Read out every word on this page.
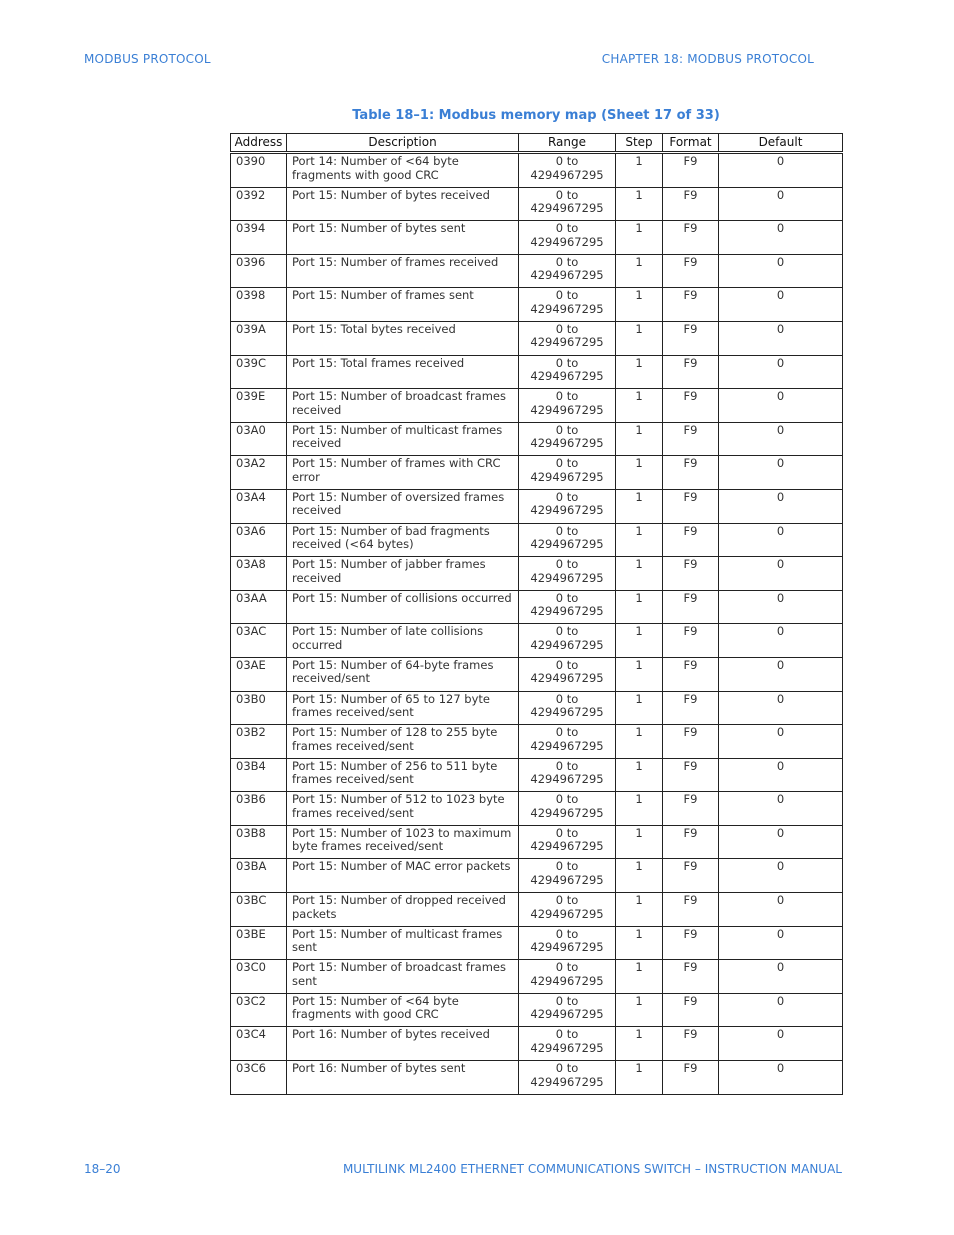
MODBUS PROTOCOL	CHAPTER 18: MODBUS PROTOCOL
Table 18–1: Modbus memory map (Sheet 17 of 33)
Address	Description	Range	Step	Format	Default
0390	Port 14: Number of <64 byte fragments with good CRC	0 to 4294967295	1	F9	0
0392	Port 15: Number of bytes received	0 to 4294967295	1	F9	0
0394	Port 15: Number of bytes sent	0 to 4294967295	1	F9	0
0396	Port 15: Number of frames received	0 to 4294967295	1	F9	0
0398	Port 15: Number of frames sent	0 to 4294967295	1	F9	0
039A	Port 15: Total bytes received	0 to 4294967295	1	F9	0
039C	Port 15: Total frames received	0 to 4294967295	1	F9	0
039E	Port 15: Number of broadcast frames received	0 to 4294967295	1	F9	0
03A0	Port 15: Number of multicast frames received	0 to 4294967295	1	F9	0
03A2	Port 15: Number of frames with CRC error	0 to 4294967295	1	F9	0
03A4	Port 15: Number of oversized frames received	0 to 4294967295	1	F9	0
03A6	Port 15: Number of bad fragments received (<64 bytes)	0 to 4294967295	1	F9	0
03A8	Port 15: Number of jabber frames received	0 to 4294967295	1	F9	0
03AA	Port 15: Number of collisions occurred	0 to 4294967295	1	F9	0
03AC	Port 15: Number of late collisions occurred	0 to 4294967295	1	F9	0
03AE	Port 15: Number of 64-byte frames received/sent	0 to 4294967295	1	F9	0
03B0	Port 15: Number of 65 to 127 byte frames received/sent	0 to 4294967295	1	F9	0
03B2	Port 15: Number of 128 to 255 byte frames received/sent	0 to 4294967295	1	F9	0
03B4	Port 15: Number of 256 to 511 byte frames received/sent	0 to 4294967295	1	F9	0
03B6	Port 15: Number of 512 to 1023 byte frames received/sent	0 to 4294967295	1	F9	0
03B8	Port 15: Number of 1023 to maximum byte frames received/sent	0 to 4294967295	1	F9	0
03BA	Port 15: Number of MAC error packets	0 to 4294967295	1	F9	0
03BC	Port 15: Number of dropped received packets	0 to 4294967295	1	F9	0
03BE	Port 15: Number of multicast frames sent	0 to 4294967295	1	F9	0
03C0	Port 15: Number of broadcast frames sent	0 to 4294967295	1	F9	0
03C2	Port 15: Number of <64 byte fragments with good CRC	0 to 4294967295	1	F9	0
03C4	Port 16: Number of bytes received	0 to 4294967295	1	F9	0
03C6	Port 16: Number of bytes sent	0 to 4294967295	1	F9	0
18–20	MULTILINK ML2400 ETHERNET COMMUNICATIONS SWITCH – INSTRUCTION MANUAL
